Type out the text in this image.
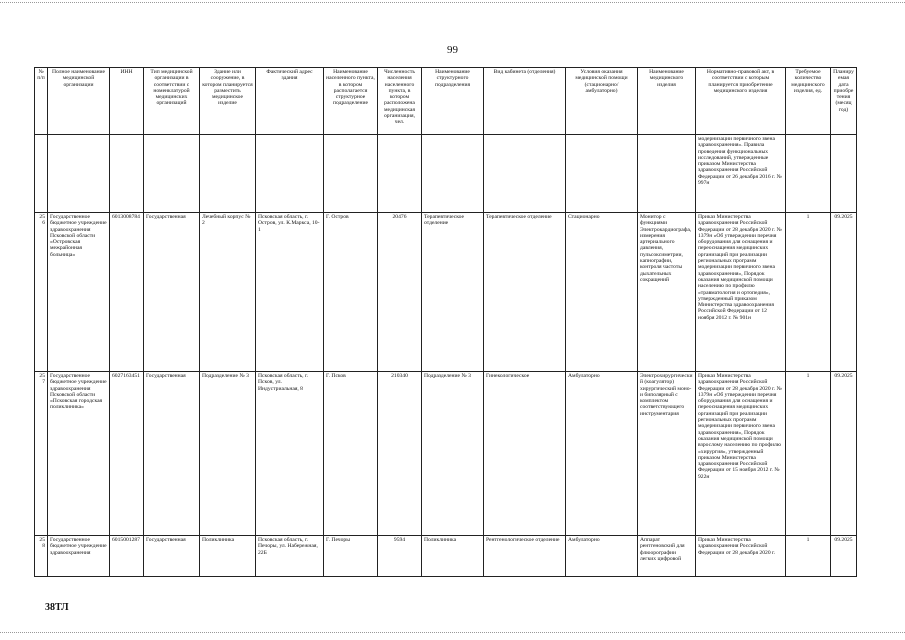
99
№ п/п	Полное наименование медицинской организации	ИНН	Тип медицинской организации в соответствии с номенклатурой медицинских организаций	Здание или сооружение, в котором планируется разместить медицинское изделие	Фактический адрес здания	Наименование населенного пункта, в котором располагается структурное подразделение	Численность населения населенного пункта, в котором расположена медицинская организация, чел.	Наименование структурного подразделения	Вид кабинета (отделения)	Условия оказания медицинской помощи (стационарно/ амбулаторно)	Наименование медицинского изделия	Нормативно-правовой акт, в соответствии с которым планируется приобретение медицинского изделия	Требуемое количество медицинского изделия, ед.	Планируемая дата приобретения (месяц год)
												модернизации первичного звена здравоохранения». Правила проведения функциональных исследований, утвержденные приказом Министерства здравоохранения Российской Федерации от 26 декабря 2016 г. № 997н		
256	Государственное бюджетное учреждение здравоохранения Псковской области «Островская межрайонная больница»	6013008784	Государственная	Лечебный корпус № 2	Псковская область, г. Остров, ул. К.Маркса, 10-1	Г. Остров	20476	Терапевтическое отделение	Терапевтическое отделение	Стационарно	Монитор с функциями Электрокардиографа, измерения артериального давления, пульсоксиметрии, капнографии, контроля частоты дыхательных сокращений	Приказ Министерства здравоохранения Российской Федерации от 28 декабря 2020 г. № 1379н «Об утверждении перечня оборудования для оснащения и переоснащения медицинских организаций при реализации региональных программ модернизации первичного звена здравоохранения», Порядок оказания медицинской помощи населению по профилю «травматология и ортопедия», утвержденный приказом Министерства здравоохранения Российской Федерации от 12 ноября 2012 г. № 901н	1	09.2025
257	Государственное бюджетное учреждение здравоохранения Псковской области «Псковская городская поликлиника»	6027163451	Государственная	Подразделение № 3	Псковская область, г. Псков, ул. Индустриальная, 8	Г. Псков	210340	Подразделение № 3	Гинекологическое	Амбулаторно	Электрохирургический (коагулятор) хирургический моно- и биполярный с комплектом соответствующего инструментария	Приказ Министерства здравоохранения Российской Федерации от 28 декабря 2020 г. № 1379н «Об утверждении перечня оборудования для оснащения и переоснащения медицинских организаций при реализации региональных программ модернизации первичного звена здравоохранения», Порядок оказания медицинской помощи взрослому населению по профилю «хирургия», утвержденный приказом Министерства здравоохранения Российской Федерации от 15 ноября 2012 г. № 922н	1	09.2025
258	Государственное бюджетное учреждение здравоохранения	6015001287	Государственная	Поликлиника	Псковская область, г. Печоры, ул. Набережная, 22Б	Г. Печоры	9594	Поликлиника	Рентгенологическое отделение	Амбулаторно	Аппарат рентгеновский для флюорографии легких цифровой	Приказ Министерства здравоохранения Российской Федерации от 28 декабря 2020 г.	1	09.2025
38ТЛ
